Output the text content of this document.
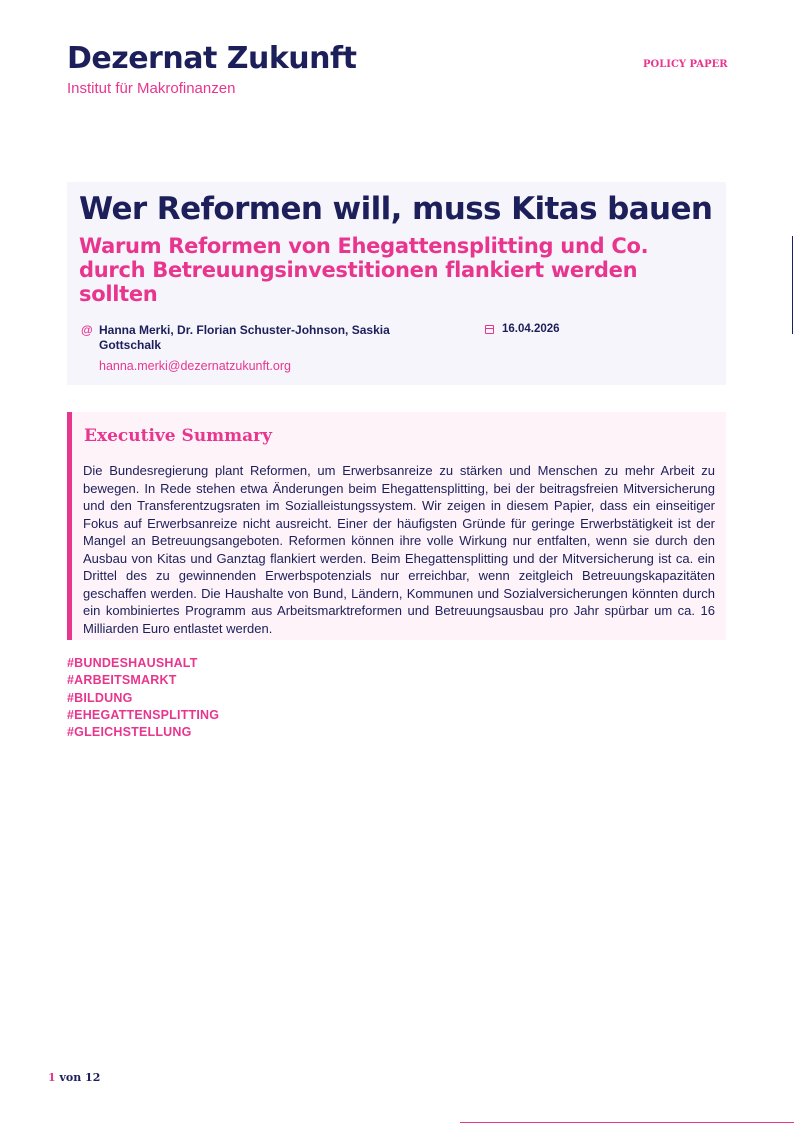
Dezernat Zukunft
Institut für Makrofinanzen
POLICY PAPER
Wer Reformen will, muss Kitas bauen
Warum Reformen von Ehegattensplitting und Co. durch Betreuungsinvestitionen flankiert werden sollten
@ Hanna Merki, Dr. Florian Schuster-Johnson, Saskia Gottschalk
hanna.merki@dezernatzukunft.org
16.04.2026
Executive Summary

Die Bundesregierung plant Reformen, um Erwerbsanreize zu stärken und Menschen zu mehr Arbeit zu bewegen. In Rede stehen etwa Änderungen beim Ehegattensplitting, bei der beitragsfreien Mitversicherung und den Transferentzugsraten im Sozialleistungssystem. Wir zeigen in diesem Papier, dass ein einseitiger Fokus auf Erwerbsanreize nicht ausreicht. Einer der häufigsten Gründe für geringe Erwerbstätigkeit ist der Mangel an Betreuungsangeboten. Reformen können ihre volle Wirkung nur entfalten, wenn sie durch den Ausbau von Kitas und Ganztag flankiert werden. Beim Ehegattensplitting und der Mitversicherung ist ca. ein Drittel des zu gewinnenden Erwerbspotenzials nur erreichbar, wenn zeitgleich Betreuungskapazitäten geschaffen werden. Die Haushalte von Bund, Ländern, Kommunen und Sozialversicherungen könnten durch ein kombiniertes Programm aus Arbeitsmarktreformen und Betreuungsausbau pro Jahr spürbar um ca. 16 Milliarden Euro entlastet werden.

#BUNDESHAUSHALT
#ARBEITSMARKT
#BILDUNG
#EHEGATTENSPLITTING
#GLEICHSTELLUNG
1 von 12
